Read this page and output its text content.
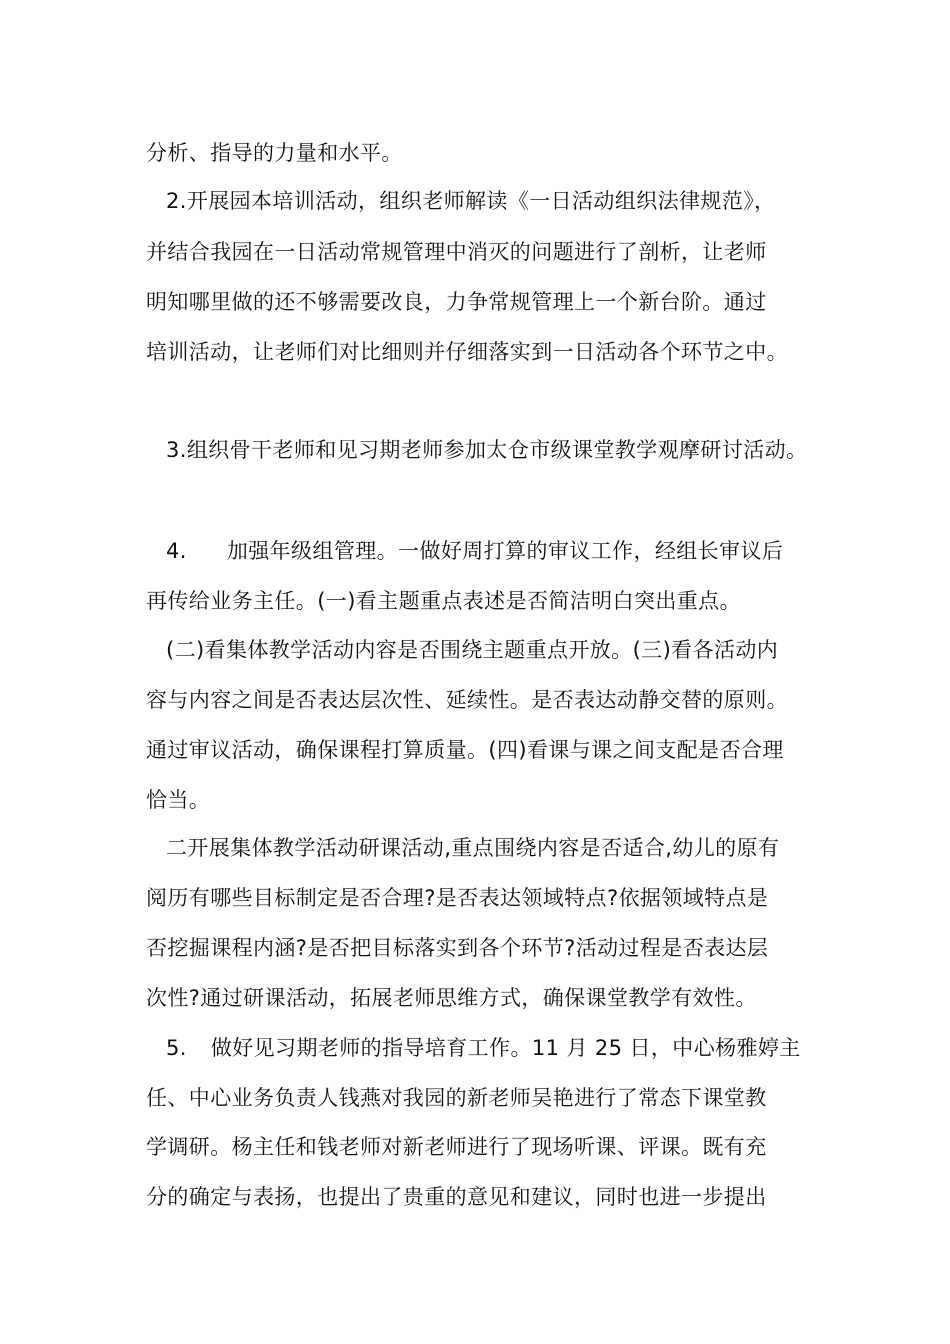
分析、指导的力量和水平。
2.开展园本培训活动，组织老师解读《一日活动组织法律规范》，
并结合我园在一日活动常规管理中消灭的问题进行了剖析，让老师
明知哪里做的还不够需要改良，力争常规管理上一个新台阶。通过
培训活动，让老师们对比细则并仔细落实到一日活动各个环节之中。
3.组织骨干老师和见习期老师参加太仓市级课堂教学观摩研讨活动。
4. 加强年级组管理。一做好周打算的审议工作，经组长审议后
再传给业务主任。(一)看主题重点表述是否简洁明白突出重点。
(二)看集体教学活动内容是否围绕主题重点开放。(三)看各活动内
容与内容之间是否表达层次性、延续性。是否表达动静交替的原则。
通过审议活动，确保课程打算质量。(四)看课与课之间支配是否合理
恰当。
二开展集体教学活动研课活动,重点围绕内容是否适合,幼儿的原有
阅历有哪些目标制定是否合理?是否表达领域特点?依据领域特点是
否挖掘课程内涵?是否把目标落实到各个环节?活动过程是否表达层
次性?通过研课活动，拓展老师思维方式，确保课堂教学有效性。
5. 做好见习期老师的指导培育工作。11 月 25 日，中心杨雅婷主
任、中心业务负责人钱燕对我园的新老师吴艳进行了常态下课堂教
学调研。杨主任和钱老师对新老师进行了现场听课、评课。既有充
分的确定与表扬，也提出了贵重的意见和建议，同时也进一步提出
